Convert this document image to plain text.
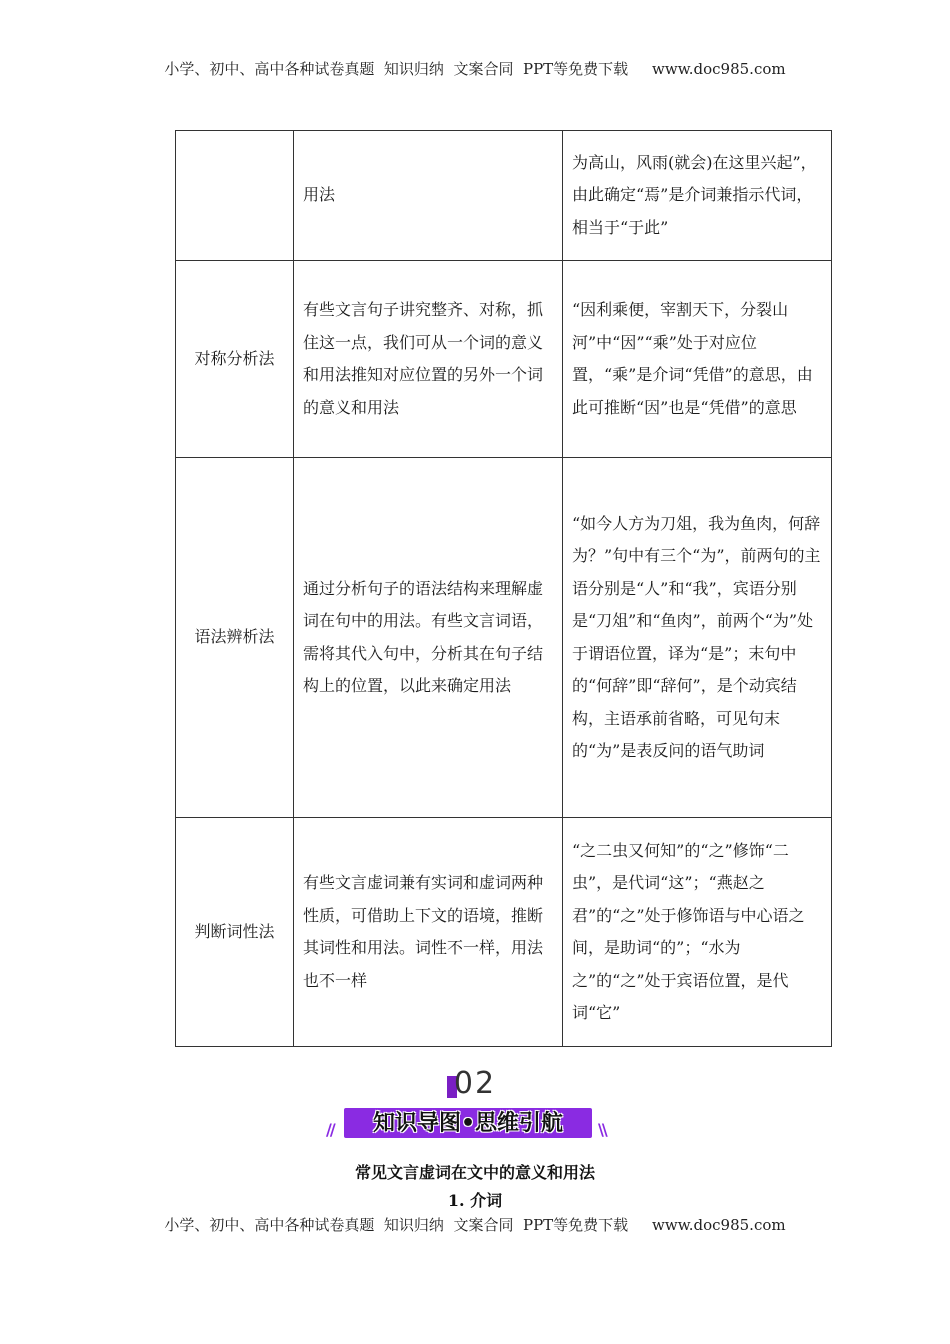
小学、初中、高中各种试卷真题  知识归纳  文案合同  PPT等免费下载     www.doc985.com
	用法	为高山，风雨(就会)在这里兴起”，由此确定“焉”是介词兼指示代词，相当于“于此”
对称分析法	有些文言句子讲究整齐、对称，抓住这一点，我们可从一个词的意义和用法推知对应位置的另外一个词的意义和用法	“因利乘便，宰割天下，分裂山河”中“因”“乘”处于对应位置，“乘”是介词“凭借”的意思，由此可推断“因”也是“凭借”的意思
语法辨析法	通过分析句子的语法结构来理解虚词在句中的用法。有些文言词语，需将其代入句中，分析其在句子结构上的位置，以此来确定用法	“如今人方为刀俎，我为鱼肉，何辞为？”句中有三个“为”，前两句的主语分别是“人”和“我”，宾语分别是“刀俎”和“鱼肉”，前两个“为”处于谓语位置，译为“是”；末句中的“何辞”即“辞何”，是个动宾结构，主语承前省略，可见句末的“为”是表反问的语气助词
判断词性法	有些文言虚词兼有实词和虚词两种性质，可借助上下文的语境，推断其词性和用法。词性不一样，用法也不一样	“之二虫又何知”的“之”修饰“二虫”，是代词“这”；“燕赵之君”的“之”处于修饰语与中心语之间，是助词“的”；“水为之”的“之”处于宾语位置，是代词“它”
02
//	知识导图•思维引航	\\
常见文言虚词在文中的意义和用法
1. 介词
小学、初中、高中各种试卷真题  知识归纳  文案合同  PPT等免费下载     www.doc985.com
